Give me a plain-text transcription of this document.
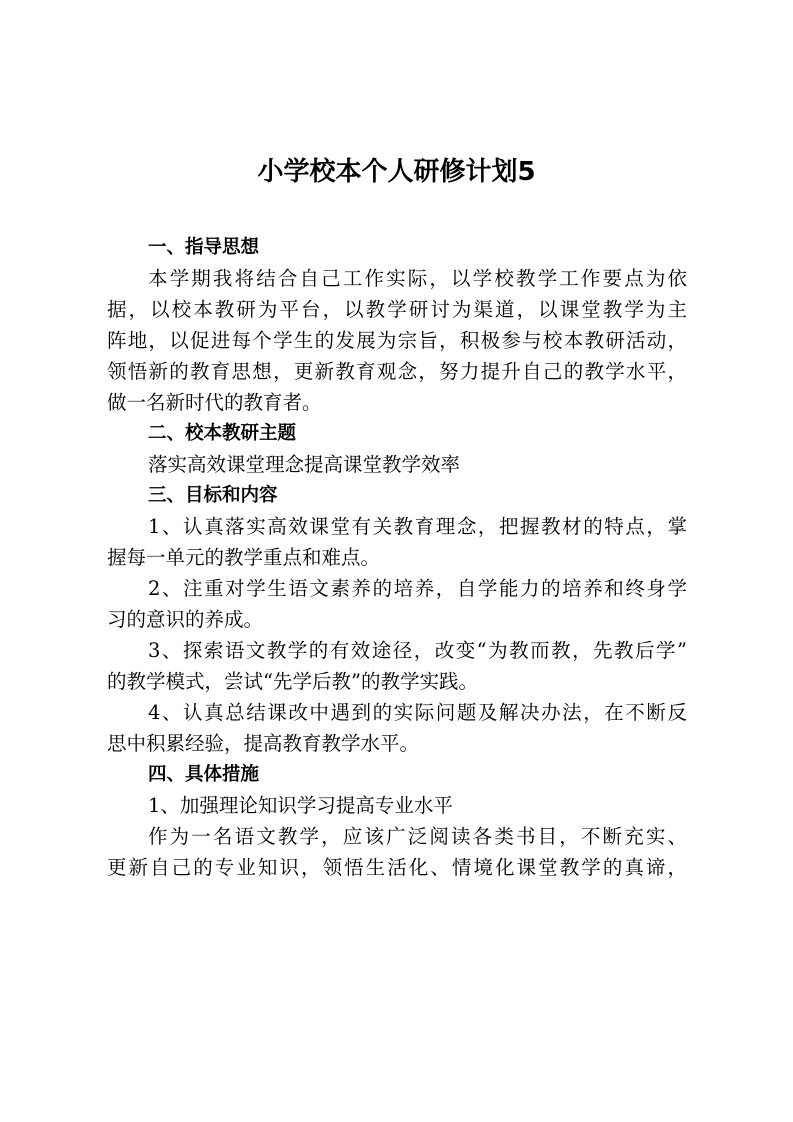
小学校本个人研修计划5
一、指导思想
本学期我将结合自己工作实际，以学校教学工作要点为依
据，以校本教研为平台，以教学研讨为渠道，以课堂教学为主
阵地，以促进每个学生的发展为宗旨，积极参与校本教研活动，
领悟新的教育思想，更新教育观念，努力提升自己的教学水平，
做一名新时代的教育者。
二、校本教研主题
落实高效课堂理念提高课堂教学效率
三、目标和内容
1、认真落实高效课堂有关教育理念，把握教材的特点，掌
握每一单元的教学重点和难点。
2、注重对学生语文素养的培养，自学能力的培养和终身学
习的意识的养成。
3、探索语文教学的有效途径，改变“为教而教，先教后学”
的教学模式，尝试“先学后教”的教学实践。
4、认真总结课改中遇到的实际问题及解决办法，在不断反
思中积累经验，提高教育教学水平。
四、具体措施
1、加强理论知识学习提高专业水平
作为一名语文教学，应该广泛阅读各类书目，不断充实、
更新自己的专业知识，领悟生活化、情境化课堂教学的真谛，
